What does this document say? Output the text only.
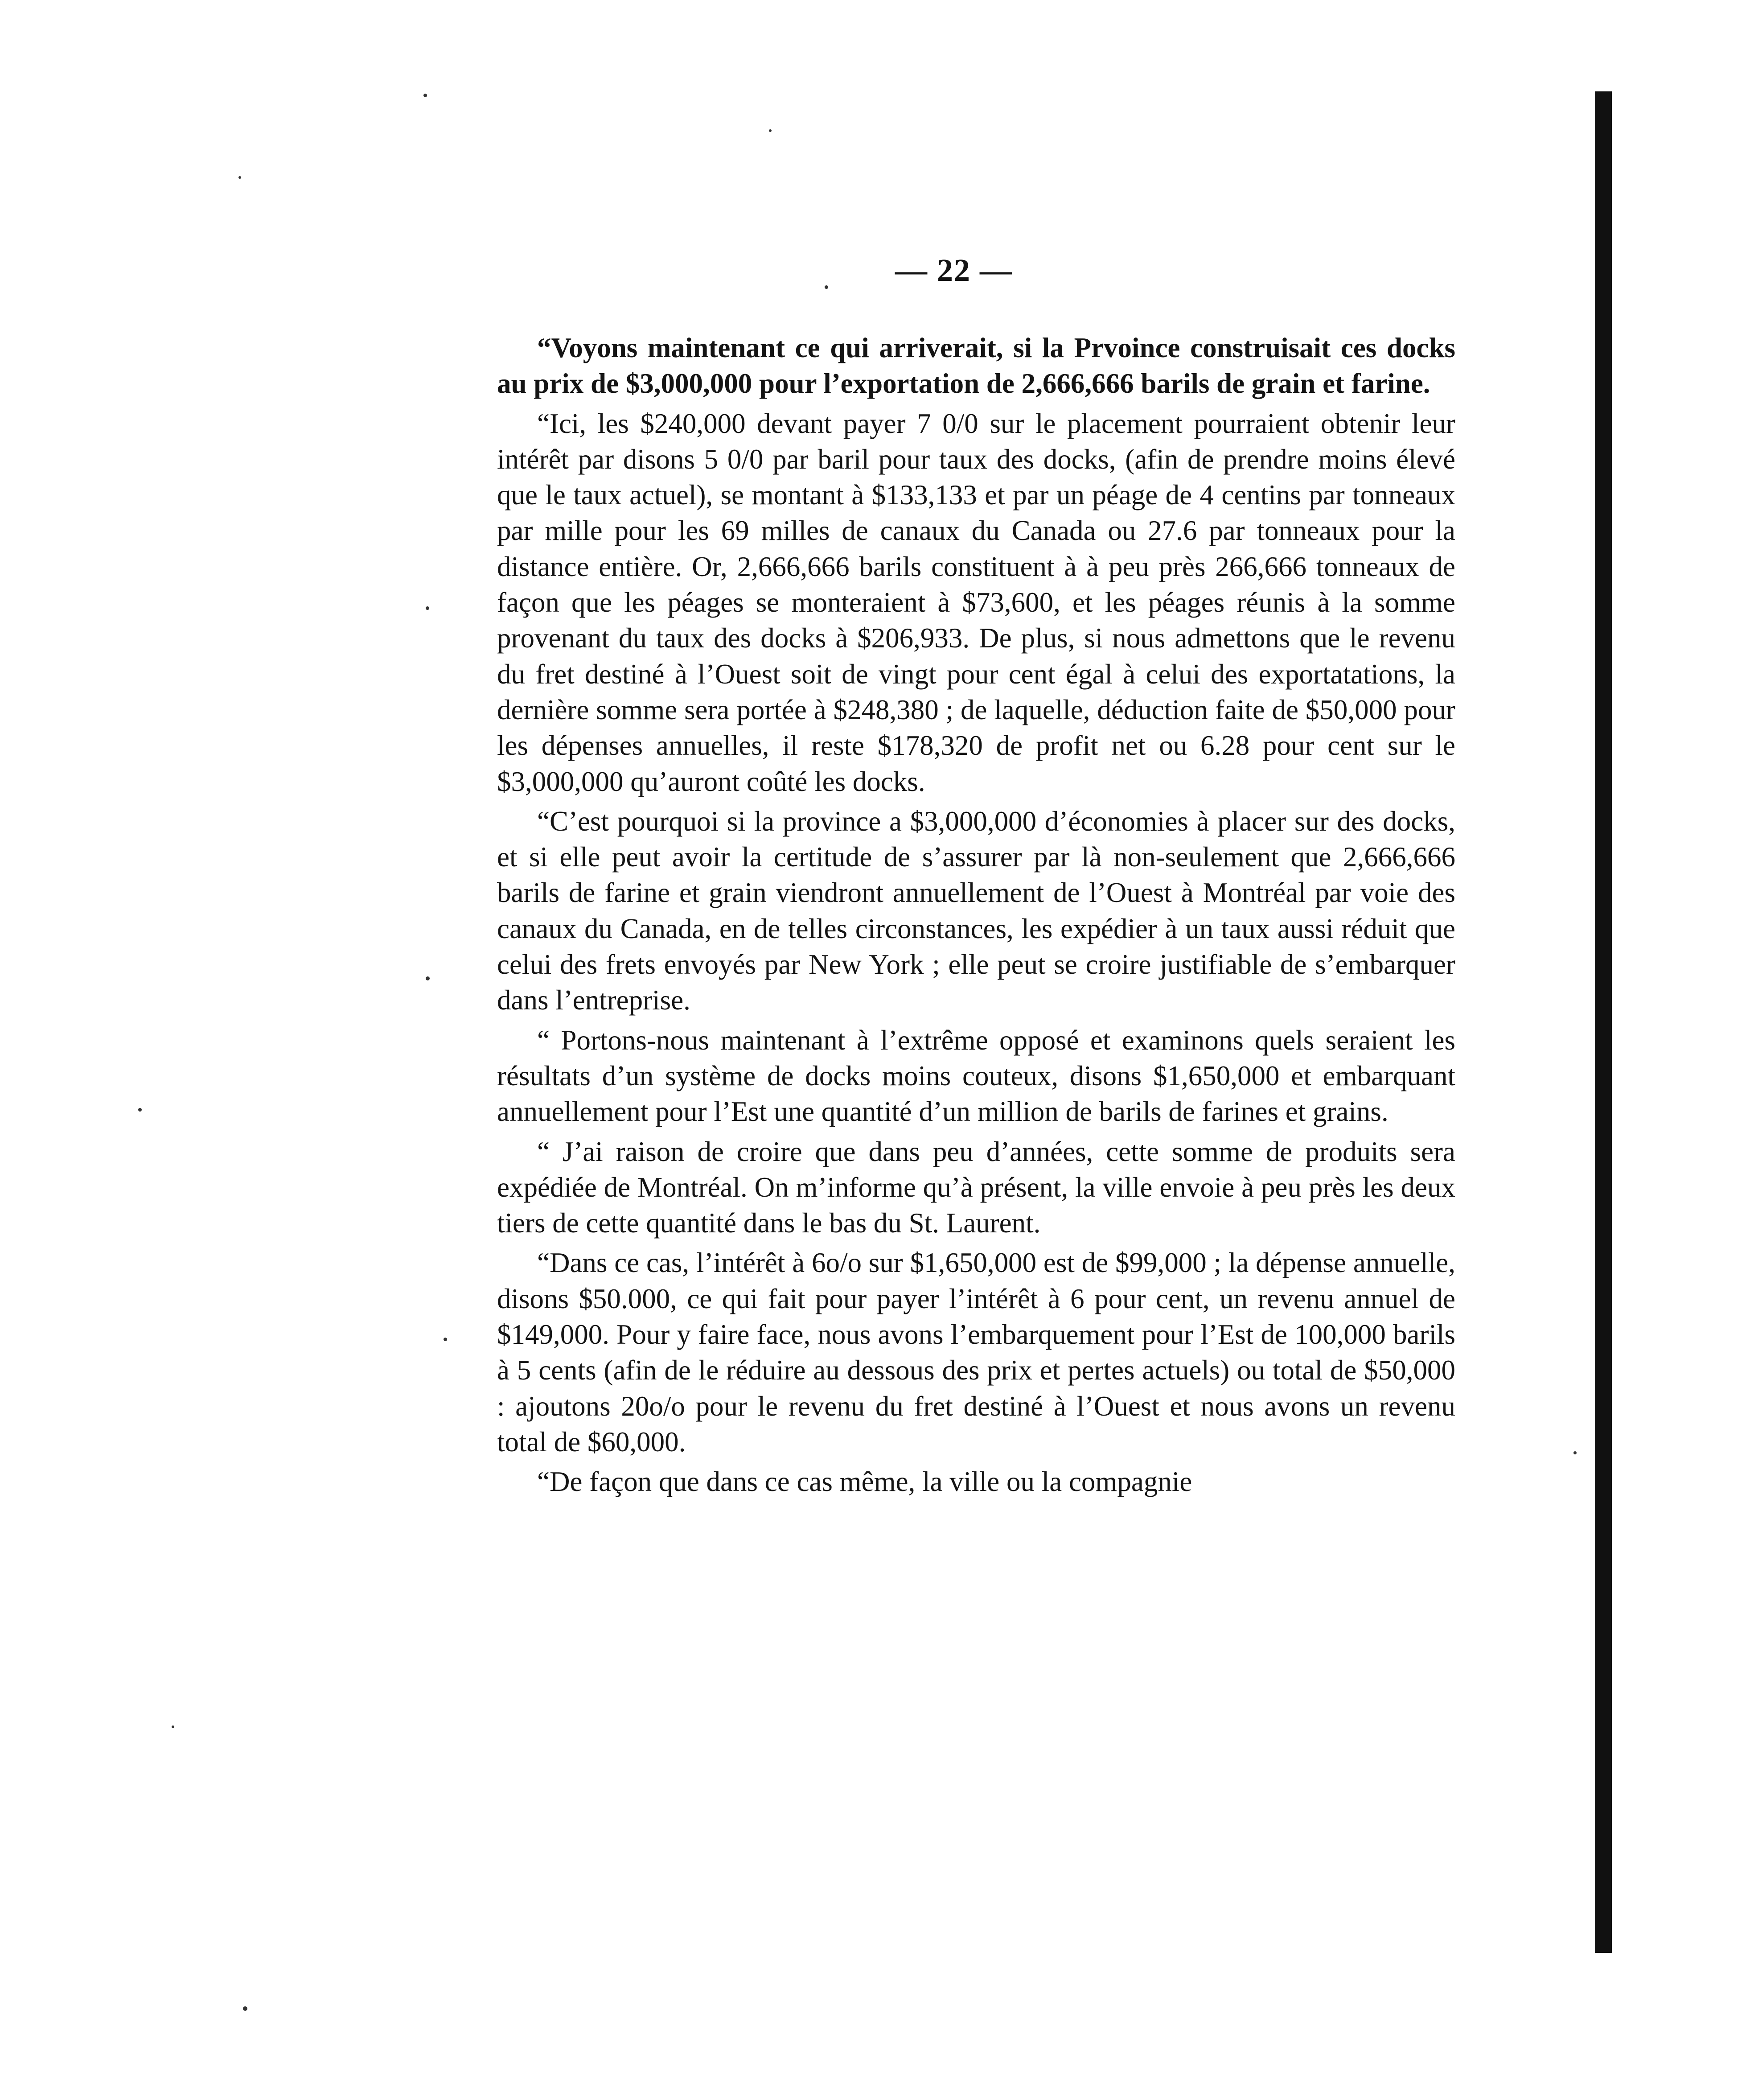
— 22 —

“Voyons maintenant ce qui arriverait, si la Prvoince construisait ces docks au prix de $3,000,000 pour l’exportation de 2,666,666 barils de grain et farine.

“Ici, les $240,000 devant payer 7 0/0 sur le placement pourraient obtenir leur intérêt par disons 5 0/0 par baril pour taux des docks, (afin de prendre moins élevé que le taux actuel), se montant à $133,133 et par un péage de 4 centins par tonneaux par mille pour les 69 milles de canaux du Canada ou 27.6 par tonneaux pour la distance entière. Or, 2,666,666 barils constituent à à peu près 266,666 tonneaux de façon que les péages se monteraient à $73,600, et les péages réunis à la somme provenant du taux des docks à $206,933. De plus, si nous admettons que le revenu du fret destiné à l’Ouest soit de vingt pour cent égal à celui des exportatations, la dernière somme sera portée à $248,380 ; de laquelle, déduction faite de $50,000 pour les dépenses annuelles, il reste $178,320 de profit net ou 6.28 pour cent sur le $3,000,000 qu’auront coûté les docks.

“C’est pourquoi si la province a $3,000,000 d’économies à placer sur des docks, et si elle peut avoir la certitude de s’assurer par là non-seulement que 2,666,666 barils de farine et grain viendront annuellement de l’Ouest à Montréal par voie des canaux du Canada, en de telles circonstances, les expédier à un taux aussi réduit que celui des frets envoyés par New York ; elle peut se croire justifiable de s’embarquer dans l’entreprise.

“ Portons-nous maintenant à l’extrême opposé et examinons quels seraient les résultats d’un système de docks moins couteux, disons $1,650,000 et embarquant annuellement pour l’Est une quantité d’un million de barils de farines et grains.

“ J’ai raison de croire que dans peu d’années, cette somme de produits sera expédiée de Montréal. On m’informe qu’à présent, la ville envoie à peu près les deux tiers de cette quantité dans le bas du St. Laurent.

“Dans ce cas, l’intérêt à 6o/o sur $1,650,000 est de $99,000 ; la dépense annuelle, disons $50.000, ce qui fait pour payer l’intérêt à 6 pour cent, un revenu annuel de $149,000. Pour y faire face, nous avons l’embarquement pour l’Est de 100,000 barils à 5 cents (afin de le réduire au dessous des prix et pertes actuels) ou total de $50,000 : ajoutons 20o/o pour le revenu du fret destiné à l’Ouest et nous avons un revenu total de $60,000.

“De façon que dans ce cas même, la ville ou la compagnie
